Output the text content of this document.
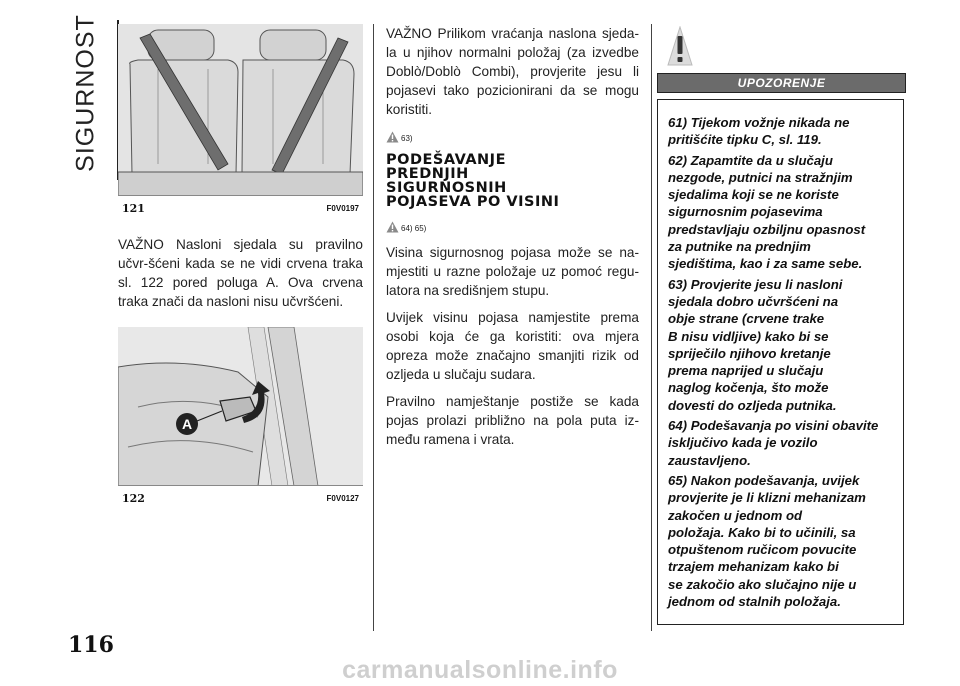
SIGURNOST
121	F0V0197

VAŽNO Nasloni sjedala su pravilno učvr-šćeni kada se ne vidi crvena traka sl. 122 pored poluga A. Ova crvena traka znači da nasloni nisu učvršćeni.

A
122	F0V0127

VAŽNO Prilikom vraćanja naslona sjeda-la u njihov normalni položaj (za izvedbe Doblò/Doblò Combi), provjerite jesu li pojasevi tako pozicionirani da se mogu koristiti.

63)
PODEŠAVANJE
PREDNJIH
SIGURNOSNIH
POJASEVA PO VISINI
64) 65)

Visina sigurnosnog pojasa može se na-mjestiti u razne položaje uz pomoć regu-latora na središnjem stupu.

Uvijek visinu pojasa namjestite prema osobi koja će ga koristiti: ova mjera opreza može značajno smanjiti rizik od ozljeda u slučaju sudara.

Pravilno namještanje postiže se kada pojas prolazi približno na pola puta iz-među ramena i vrata.

UPOZORENJE
61) Tijekom vožnje nikada ne
pritišćite tipku C, sl. 119.
62) Zapamtite da u slučaju
nezgode, putnici na stražnjim
sjedalima koji se ne koriste
sigurnosnim pojasevima
predstavljaju ozbiljnu opasnost
za putnike na prednjim
sjedištima, kao i za same sebe.
63) Provjerite jesu li nasloni
sjedala dobro učvršćeni na
obje strane (crvene trake
B nisu vidljive) kako bi se
spriječilo njihovo kretanje
prema naprijed u slučaju
naglog kočenja, što može
dovesti do ozljeda putnika.
64) Podešavanja po visini obavite
isključivo kada je vozilo
zaustavljeno.
65) Nakon podešavanja, uvijek
provjerite je li klizni mehanizam
zakočen u jednom od
položaja. Kako bi to učinili, sa
otpuštenom ručicom povucite
trzajem mehanizam kako bi
se zakočio ako slučajno nije u
jednom od stalnih položaja.
116
carmanualsonline.info
